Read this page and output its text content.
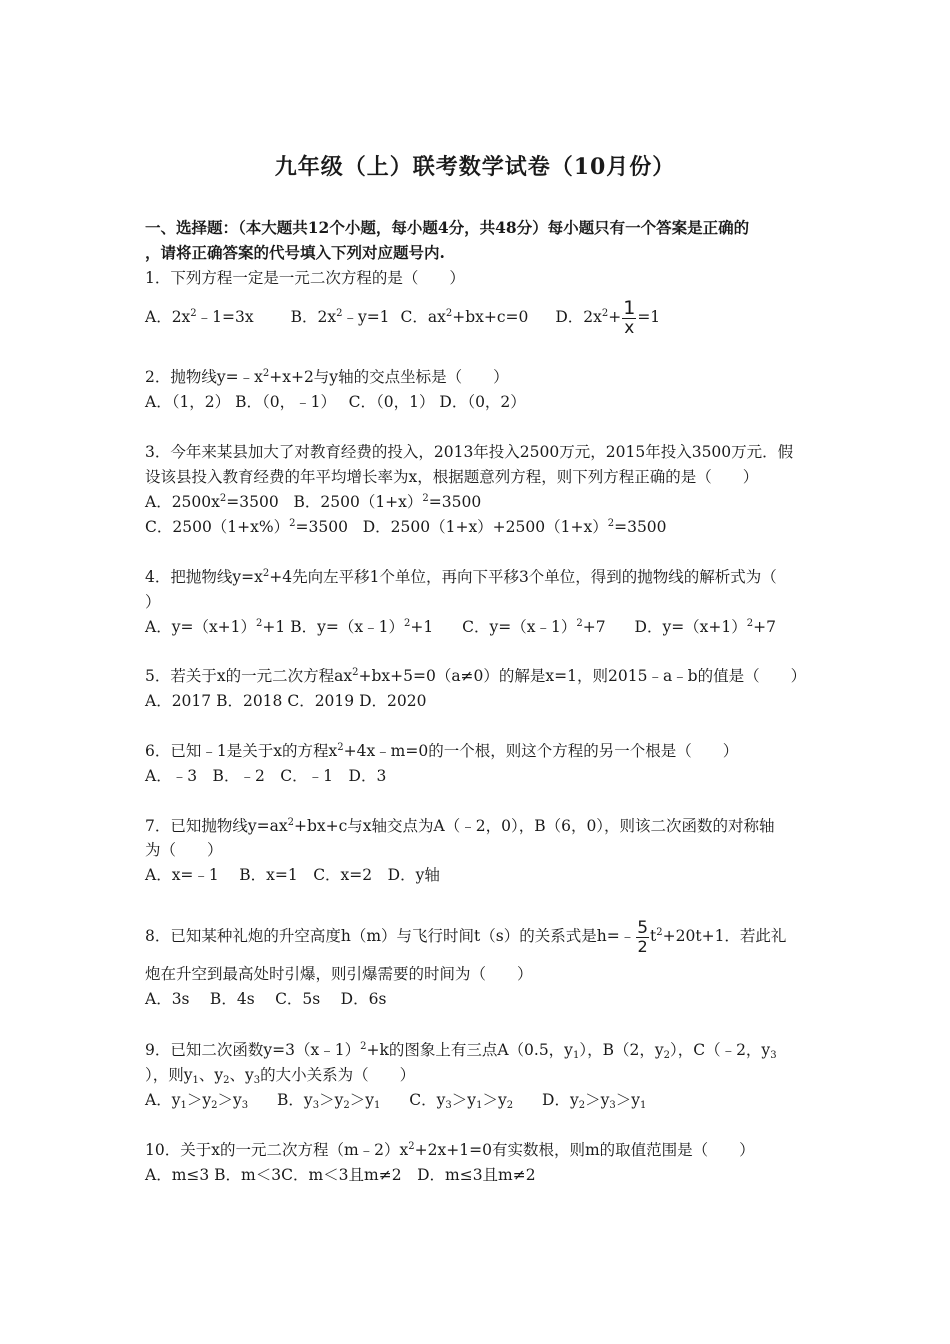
九年级（上）联考数学试卷（10月份）
一、选择题：（本大题共12个小题，每小题4分，共48分）每小题只有一个答案是正确的
，请将正确答案的代号填入下列对应题号内.
1．下列方程一定是一元二次方程的是（　　）
A．$2x^2﹣1=3x$ B．$2x^2﹣y=1$ C．$ax^2+bx+c=0$ D．$2x^2+ \frac{1}{x} =1$
2．抛物线$y=﹣x^2+x+2$与y轴的交点坐标是（　　）
A．（1，2） B．（0，﹣1）　 C．（0，1） D．（0，2）
3．今年来某县加大了对教育经费的投入，2013年投入2500万元，2015年投入3500万元．假
设该县投入教育经费的年平均增长率为x，根据题意列方程，则下列方程正确的是（　　）
A．$2500x^2=3500$ B．$2500(1+x)^2=3500$
C．$2500(1+x\%)^2=3500$ D．$2500(1+x)+2500(1+x)^2=3500$
4．把抛物线$y=x^2+4$先向左平移1个单位，再向下平移3个单位，得到的抛物线的解析式为（
）
A．$y=(x+1)^2+1$ B．y=（x﹣1）$^2$+1 C．y=（x﹣1）$^2$+7 D．$y=(x+1)^2+7$
5．若关于x的一元二次方程$ax^2+bx+5=0(a\ne 0)$的解是x=1，则2015﹣a﹣b的值是（　　）
A．2017 B．2018 C．2019 D．2020
6．已知﹣1是关于x的方程$x^2+4x﹣m=0$的一个根，则这个方程的另一个根是（　　）
A．﹣3　B．﹣2　C．﹣1　D．3
7．已知抛物线$y=ax^2+bx+c$与x轴交点为A（﹣2，0），B（6，0），则该二次函数的对称轴
为（　　）
A．x=﹣1　 B．x=1　C．x=2　D．y轴
8．已知某种礼炮的升空高度h（m）与飞行时间t（s）的关系式是h=﹣ $\frac{5}{2} t^2+20t+1$．若此礼
炮在升空到最高处时引爆，则引爆需要的时间为（　　）
A．3s　 B．4s　 C．5s　 D．6s
9．已知二次函数y=3（x﹣1）$^2$+k的图象上有三点A（0.5，$y_1$），B（2，$y_2$），C（﹣2，$y_3$
），则$y_1$、$y_2$、$y_3$的大小关系为（　　）
A．$y_1>y_2>y_3$ B．$y_3>y_2>y_1$ C．$y_3>y_1>y_2$ D．$y_2>y_3>y_1$
10．关于x的一元二次方程$(m﹣2)x^2+2x+1=0$有实数根，则m的取值范围是（　　）
A．m≤3 B．m＜3C．m＜3且m≠2　D．m≤3且m≠2
